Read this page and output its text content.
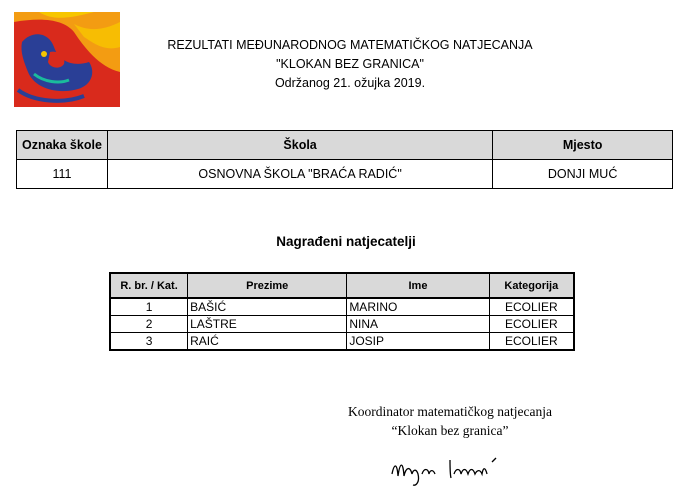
REZULTATI MEĐUNARODNOG MATEMATIČKOG NATJECANJA
"KLOKAN BEZ GRANICA"
Održanog 21. ožujka 2019.
Oznaka škole	Škola	Mjesto
111	OSNOVNA ŠKOLA "BRAĆA RADIĆ"	DONJI MUĆ
Nagrađeni natjecatelji
R. br. / Kat.	Prezime	Ime	Kategorija
1	BAŠIĆ	MARINO	ECOLIER
2	LAŠTRE	NINA	ECOLIER
3	RAIĆ	JOSIP	ECOLIER
Koordinator matematičkog natjecanja
“Klokan bez granica”
